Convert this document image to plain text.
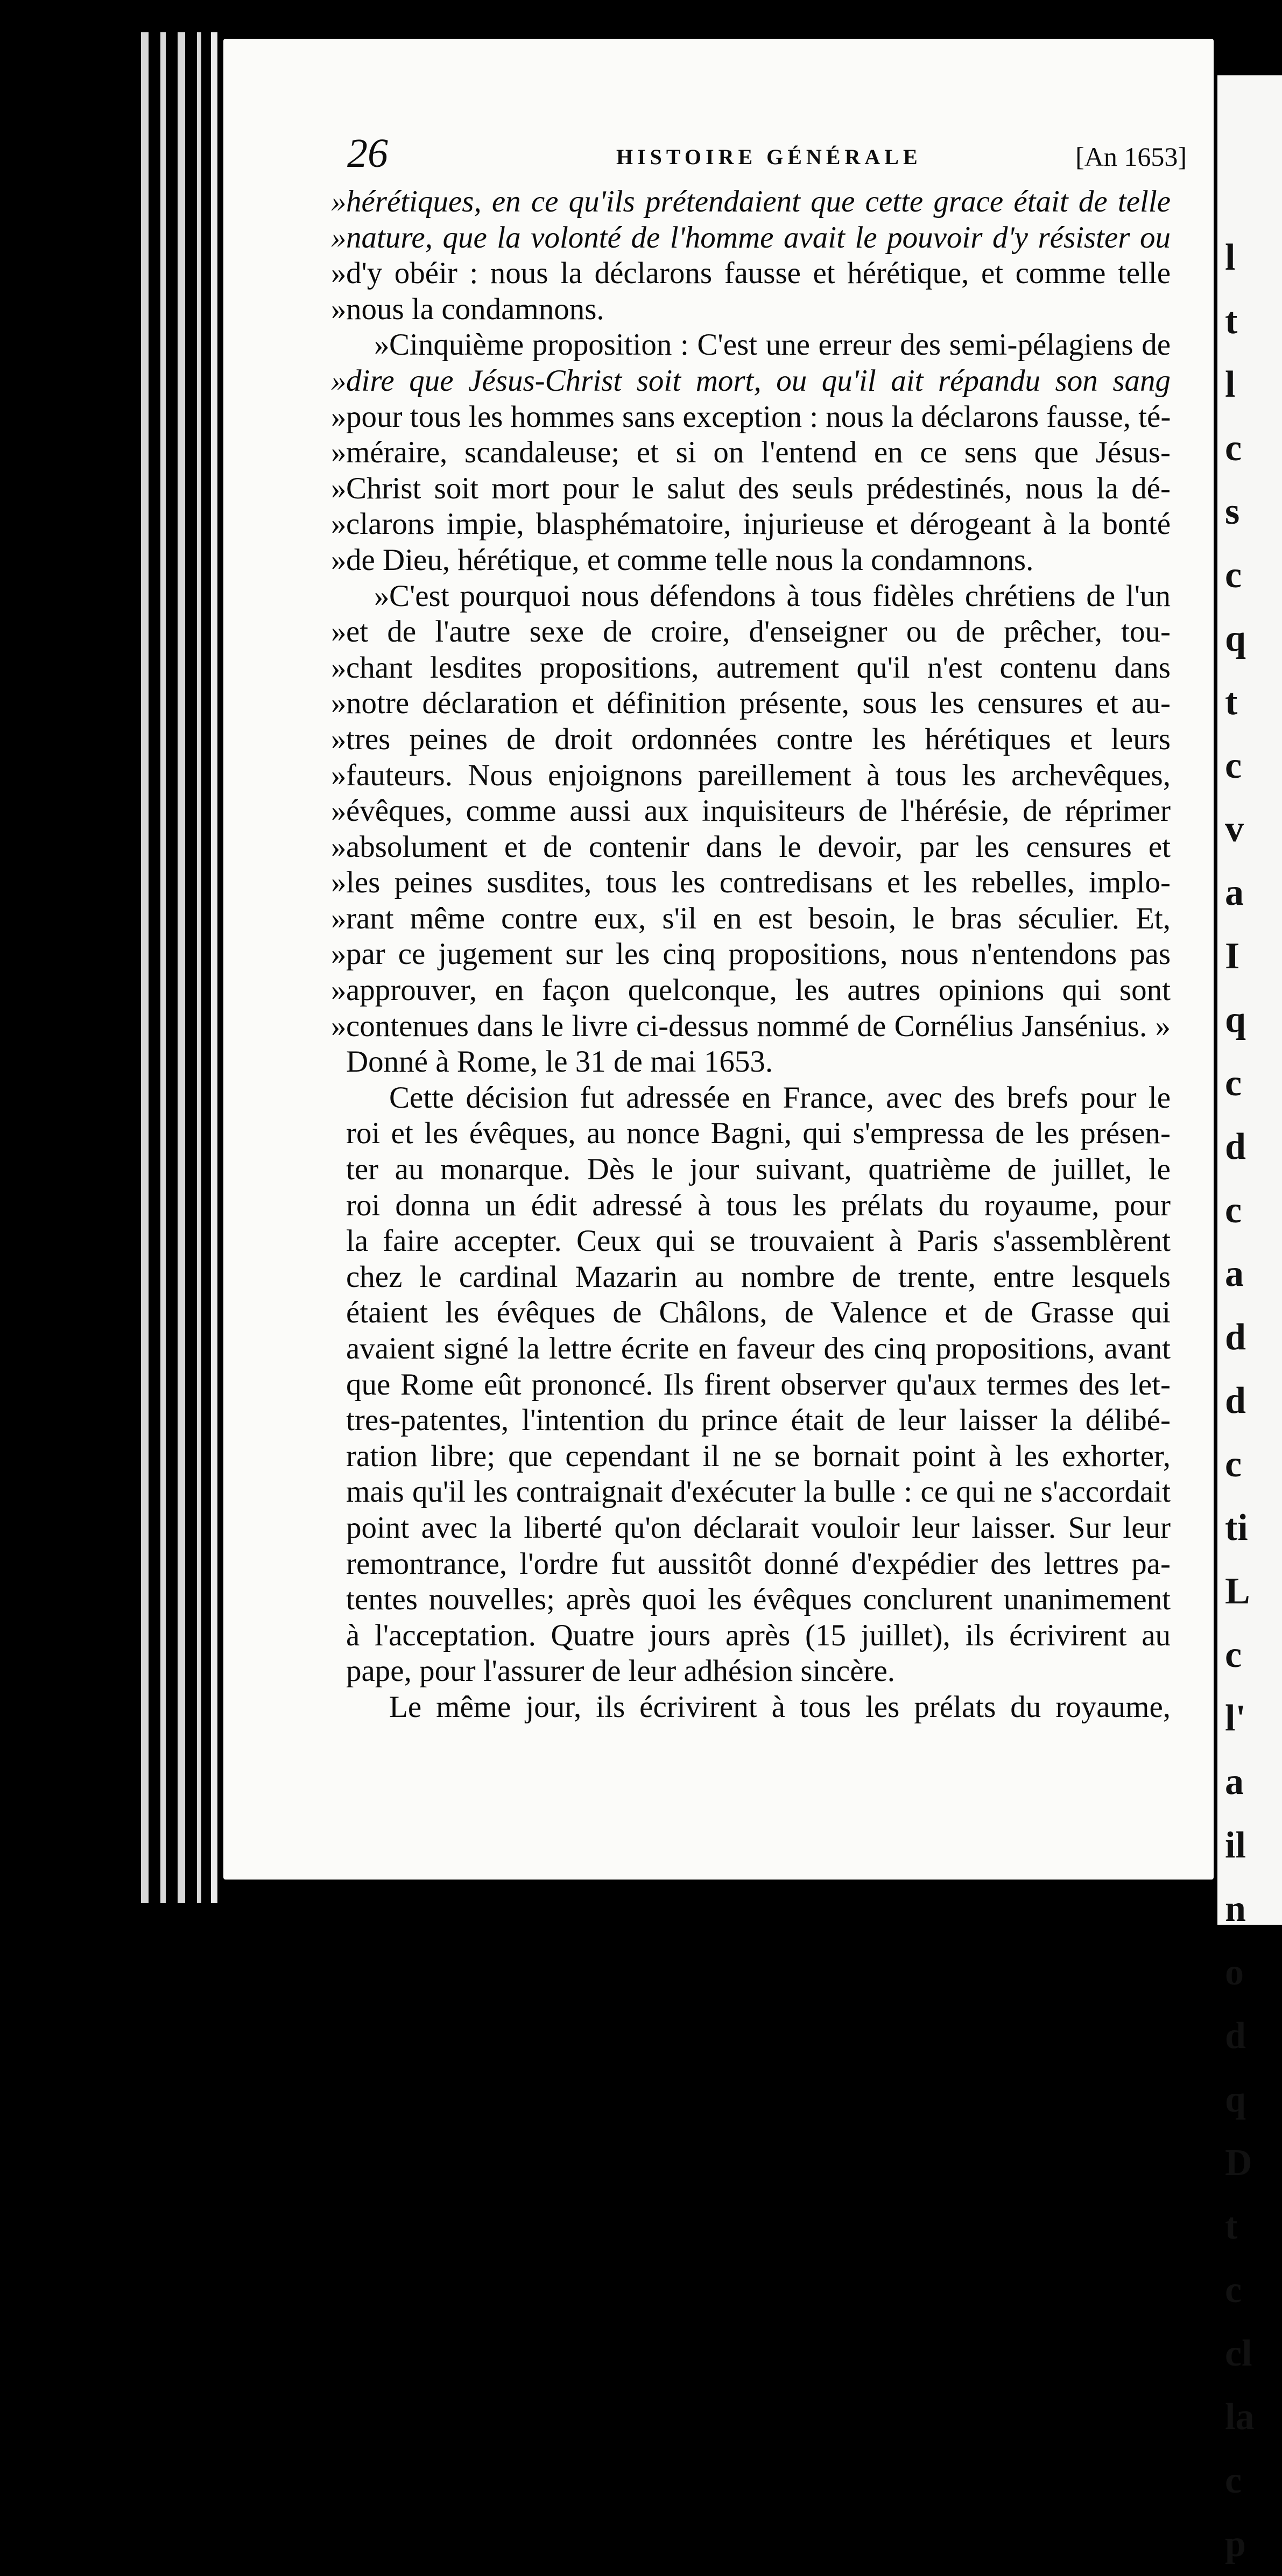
26	HISTOIRE GÉNÉRALE	[An 1653]
»hérétiques, en ce qu'ils prétendaient que cette grace était de telle
»nature, que la volonté de l'homme avait le pouvoir d'y résister ou
»d'y obéir : nous la déclarons fausse et hérétique, et comme telle
»nous la condamnons.
»Cinquième proposition : C'est une erreur des semi-pélagiens de
»dire que Jésus-Christ soit mort, ou qu'il ait répandu son sang
»pour tous les hommes sans exception : nous la déclarons fausse, té-
»méraire, scandaleuse; et si on l'entend en ce sens que Jésus-
»Christ soit mort pour le salut des seuls prédestinés, nous la dé-
»clarons impie, blasphématoire, injurieuse et dérogeant à la bonté
»de Dieu, hérétique, et comme telle nous la condamnons.
»C'est pourquoi nous défendons à tous fidèles chrétiens de l'un
»et de l'autre sexe de croire, d'enseigner ou de prêcher, tou-
»chant lesdites propositions, autrement qu'il n'est contenu dans
»notre déclaration et définition présente, sous les censures et au-
»tres peines de droit ordonnées contre les hérétiques et leurs
»fauteurs. Nous enjoignons pareillement à tous les archevêques,
»évêques, comme aussi aux inquisiteurs de l'hérésie, de réprimer
»absolument et de contenir dans le devoir, par les censures et
»les peines susdites, tous les contredisans et les rebelles, implo-
»rant même contre eux, s'il en est besoin, le bras séculier. Et,
»par ce jugement sur les cinq propositions, nous n'entendons pas
»approuver, en façon quelconque, les autres opinions qui sont
»contenues dans le livre ci-dessus nommé de Cornélius Jansénius. »
Donné à Rome, le 31 de mai 1653.
Cette décision fut adressée en France, avec des brefs pour le
roi et les évêques, au nonce Bagni, qui s'empressa de les présen-
ter au monarque. Dès le jour suivant, quatrième de juillet, le
roi donna un édit adressé à tous les prélats du royaume, pour
la faire accepter. Ceux qui se trouvaient à Paris s'assemblèrent
chez le cardinal Mazarin au nombre de trente, entre lesquels
étaient les évêques de Châlons, de Valence et de Grasse qui
avaient signé la lettre écrite en faveur des cinq propositions, avant
que Rome eût prononcé. Ils firent observer qu'aux termes des let-
tres-patentes, l'intention du prince était de leur laisser la délibé-
ration libre; que cependant il ne se bornait point à les exhorter,
mais qu'il les contraignait d'exécuter la bulle : ce qui ne s'accordait
point avec la liberté qu'on déclarait vouloir leur laisser. Sur leur
remontrance, l'ordre fut aussitôt donné d'expédier des lettres pa-
tentes nouvelles; après quoi les évêques conclurent unanimement
à l'acceptation. Quatre jours après (15 juillet), ils écrivirent au
pape, pour l'assurer de leur adhésion sincère.
Le même jour, ils écrivirent à tous les prélats du royaume,
l
t
l
c
s
c
q
t
c
v
a
I
q
c
d
c
a
d
d
c
ti
L
c
l'
a
il
n
o
d
q
D
t
c
cl
la
c
p
